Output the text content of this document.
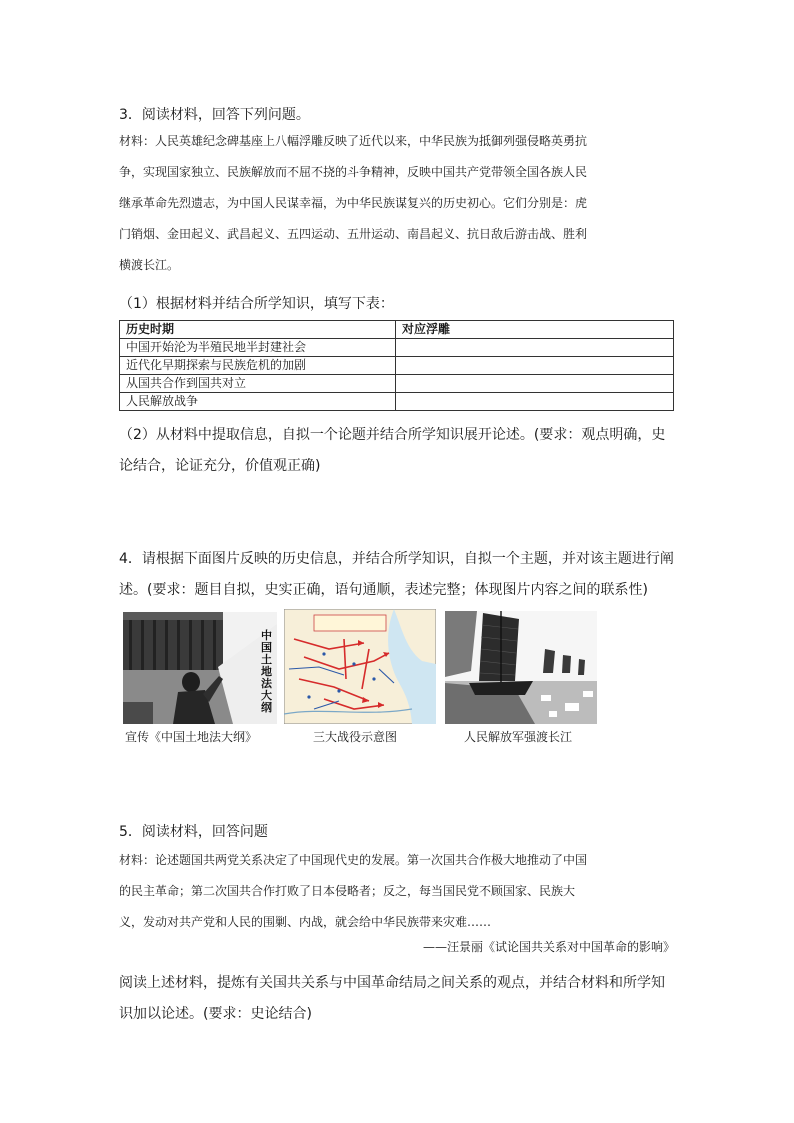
3．阅读材料，回答下列问题。
材料：人民英雄纪念碑基座上八幅浮雕反映了近代以来，中华民族为抵御列强侵略英勇抗
争，实现国家独立、民族解放而不屈不挠的斗争精神，反映中国共产党带领全国各族人民
继承革命先烈遗志，为中国人民谋幸福，为中华民族谋复兴的历史初心。它们分别是：虎
门销烟、金田起义、武昌起义、五四运动、五卅运动、南昌起义、抗日敌后游击战、胜利
横渡长江。
（1）根据材料并结合所学知识，填写下表：
历史时期	对应浮雕
中国开始沦为半殖民地半封建社会	
近代化早期探索与民族危机的加剧	
从国共合作到国共对立	
人民解放战争	
（2）从材料中提取信息，自拟一个论题并结合所学知识展开论述。(要求：观点明确，史
论结合，论证充分，价值观正确)
4．请根据下面图片反映的历史信息，并结合所学知识，自拟一个主题，并对该主题进行阐
述。(要求：题目自拟，史实正确，语句通顺，表述完整；体现图片内容之间的联系性)
中国土地法大纲
宣传《中国土地法大纲》	三大战役示意图	人民解放军强渡长江
5．阅读材料，回答问题
材料：论述题国共两党关系决定了中国现代史的发展。第一次国共合作极大地推动了中国
的民主革命；第二次国共合作打败了日本侵略者；反之，每当国民党不顾国家、民族大
义，发动对共产党和人民的围剿、内战，就会给中华民族带来灾难……
——汪景丽《试论国共关系对中国革命的影响》
阅读上述材料，提炼有关国共关系与中国革命结局之间关系的观点，并结合材料和所学知
识加以论述。(要求：史论结合)
